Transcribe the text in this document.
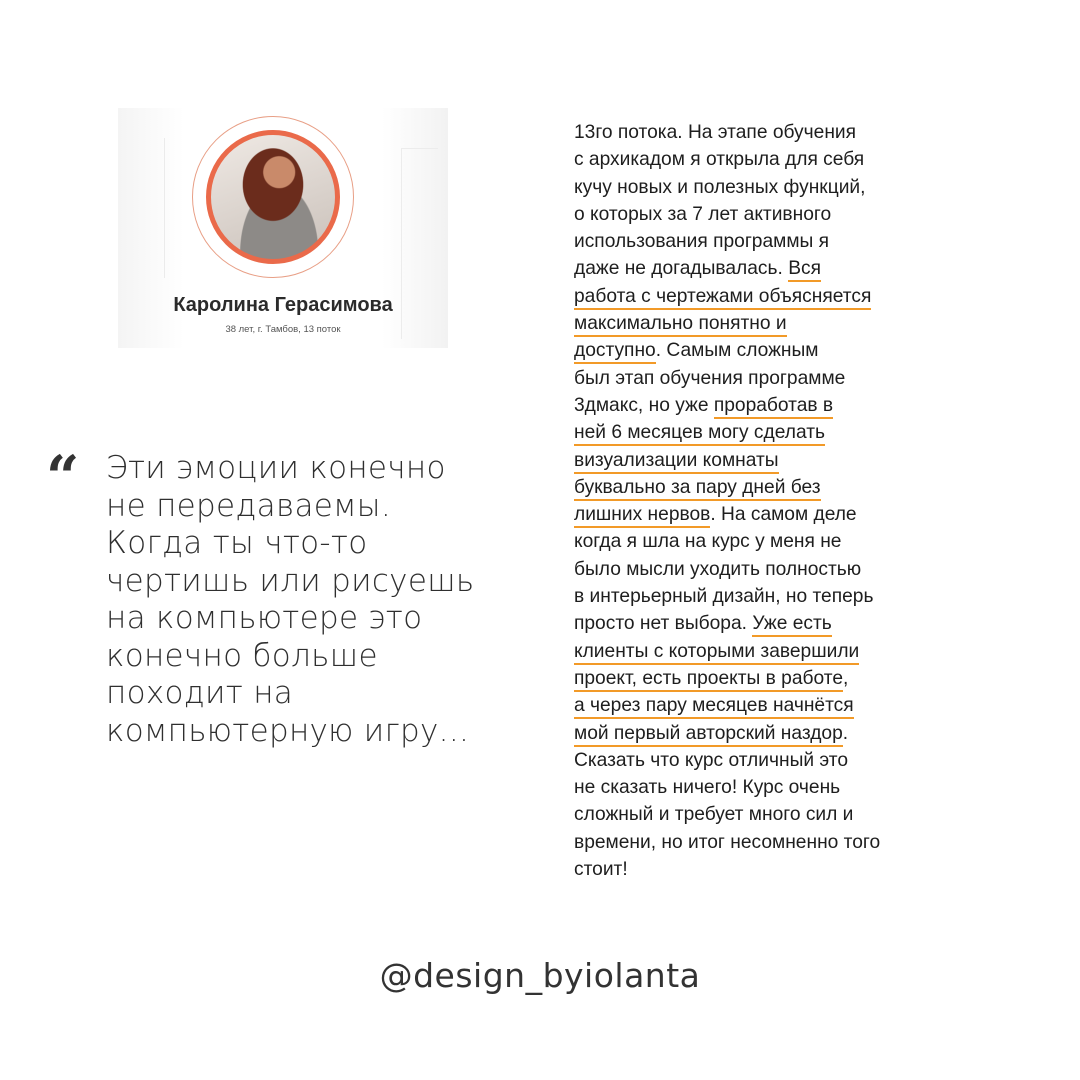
Каролина Герасимова
38 лет, г. Тамбов, 13 поток
“ Эти эмоции конечно
не передаваемы.
Когда ты что-то
чертишь или рисуешь
на компьютере это
конечно больше
походит на
компьютерную игру...
13го потока. На этапе обучения
с архикадом я открыла для себя
кучу новых и полезных функций,
о которых за 7 лет активного
использования программы я
даже не догадывалась. Вся
работа с чертежами объясняется
максимально понятно и
доступно. Самым сложным
был этап обучения программе
3дмакс, но уже проработав в
ней 6 месяцев могу сделать
визуализации комнаты
буквально за пару дней без
лишних нервов. На самом деле
когда я шла на курс у меня не
было мысли уходить полностью
в интерьерный дизайн, но теперь
просто нет выбора. Уже есть
клиенты с которыми завершили
проект, есть проекты в работе,
а через пару месяцев начнётся
мой первый авторский наздор.
Сказать что курс отличный это
не сказать ничего! Курс очень
сложный и требует много сил и
времени, но итог несомненно того
стоит!
@design_byiolanta
